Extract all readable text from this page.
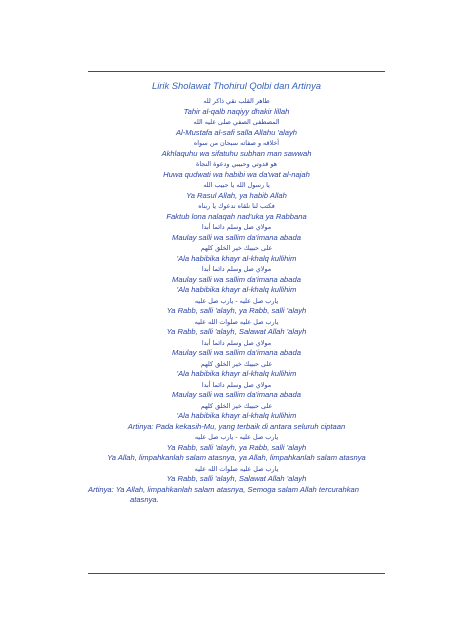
Lirik Sholawat Thohirul Qolbi dan Artinya
طاهر القلب نقي ذاكر لله
Tahir al-qalb naqiyy dhakir lillah
المصطفى الصفي صلى عليه الله
Al-Mustafa al-safi salla Allahu 'alayh
أخلاقه و صفاته سبحان من سواه
Akhlaquhu wa sifatuhu subhan man sawwah
هو قدوتي وحبيبي ودعوة النجاة
Huwa qudwati wa habibi wa da'wat al-najah
يا رسول الله يا حبيب الله
Ya Rasul Allah, ya habib Allah
فكتب لنا نلقاه ندعوك يا ربناه
Faktub lona nalaqah nad'uka ya Rabbana
مولاي صل وسلم دائما أبدا
Maulay salli wa sallim da'imana abada
على حبيبك خير الخلق كلهم
'Ala habibika khayr al-khalq kullihim
مولاي صل وسلم دائما أبدا
Maulay salli wa sallim da'imana abada
'Ala habibika khayr al-khalq kullihim
يارب صل عليه - يارب صل عليه
Ya Rabb, salli 'alayh, ya Rabb, salli 'alayh
يارب صل عليه صلوات الله عليه
Ya Rabb, salli 'alayh, Salawat Allah 'alayh
مولاي صل وسلم دائما أبدا
Maulay salli wa sallim da'imana abada
على حبيبك خير الخلق كلهم
'Ala habibika khayr al-khalq kullihim
مولاي صل وسلم دائما أبدا
Maulay salli wa sallim da'imana abada
على حبيبك خير الخلق كلهم
'Ala habibika khayr al-khalq kullihim
Artinya: Pada kekasih-Mu, yang terbaik di antara seluruh ciptaan
يارب صل عليه - يارب صل عليه
Ya Rabb, salli 'alayh, ya Rabb, salli 'alayh
Ya Allah, limpahkanlah salam atasnya, ya Allah, limpahkanlah salam atasnya
يارب صل عليه صلوات الله عليه
Ya Rabb, salli 'alayh, Salawat Allah 'alayh
Artinya: Ya Allah, limpahkanlah salam atasnya, Semoga salam Allah tercurahkan
atasnya.
